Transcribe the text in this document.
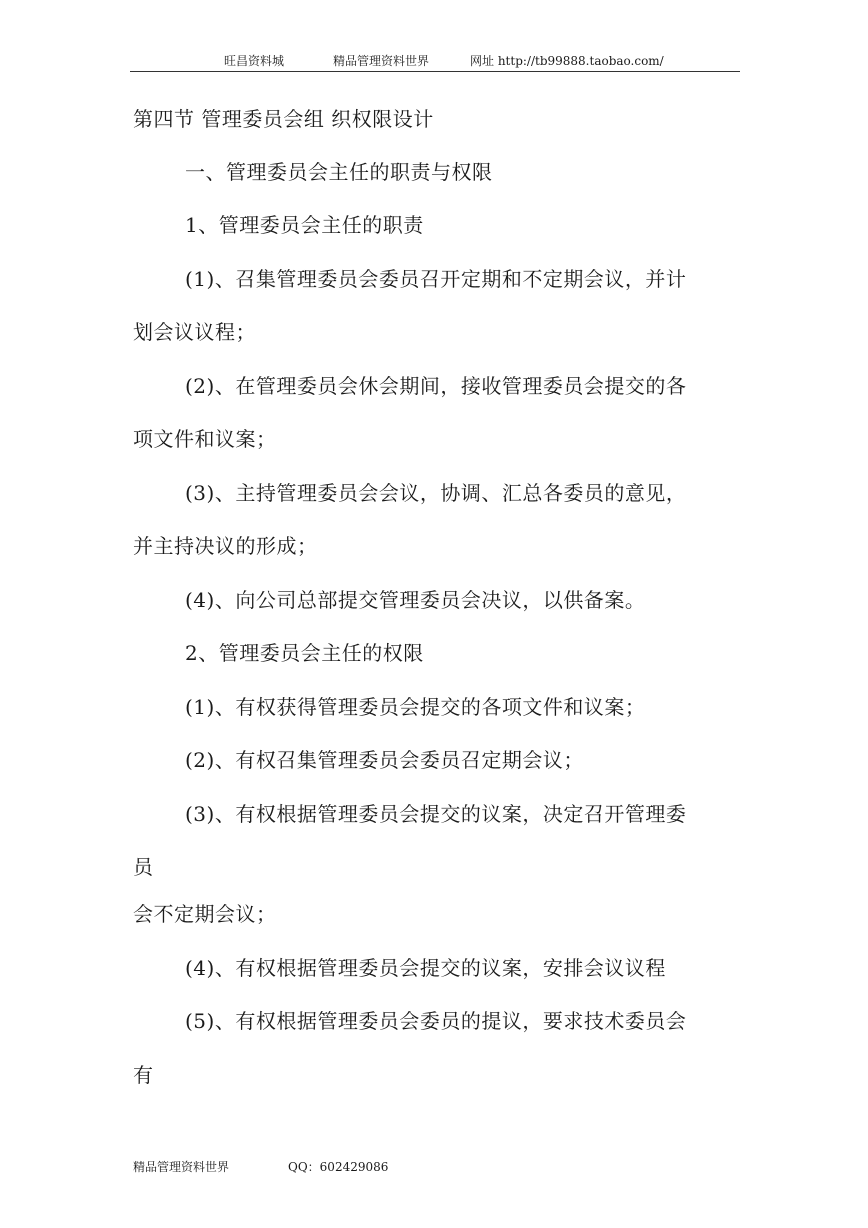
旺昌资料城	精品管理资料世界	网址 http://tb99888.taobao.com/
第四节 管理委员会组 织权限设计
一、管理委员会主任的职责与权限
1、管理委员会主任的职责
(1)、召集管理委员会委员召开定期和不定期会议，并计
划会议议程；
(2)、在管理委员会休会期间，接收管理委员会提交的各
项文件和议案；
(3)、主持管理委员会会议，协调、汇总各委员的意见，
并主持决议的形成；
(4)、向公司总部提交管理委员会决议，以供备案。
2、管理委员会主任的权限
(1)、有权获得管理委员会提交的各项文件和议案；
(2)、有权召集管理委员会委员召定期会议；
(3)、有权根据管理委员会提交的议案，决定召开管理委
员
会不定期会议；
(4)、有权根据管理委员会提交的议案，安排会议议程
(5)、有权根据管理委员会委员的提议，要求技术委员会
有
精品管理资料世界	QQ：602429086
